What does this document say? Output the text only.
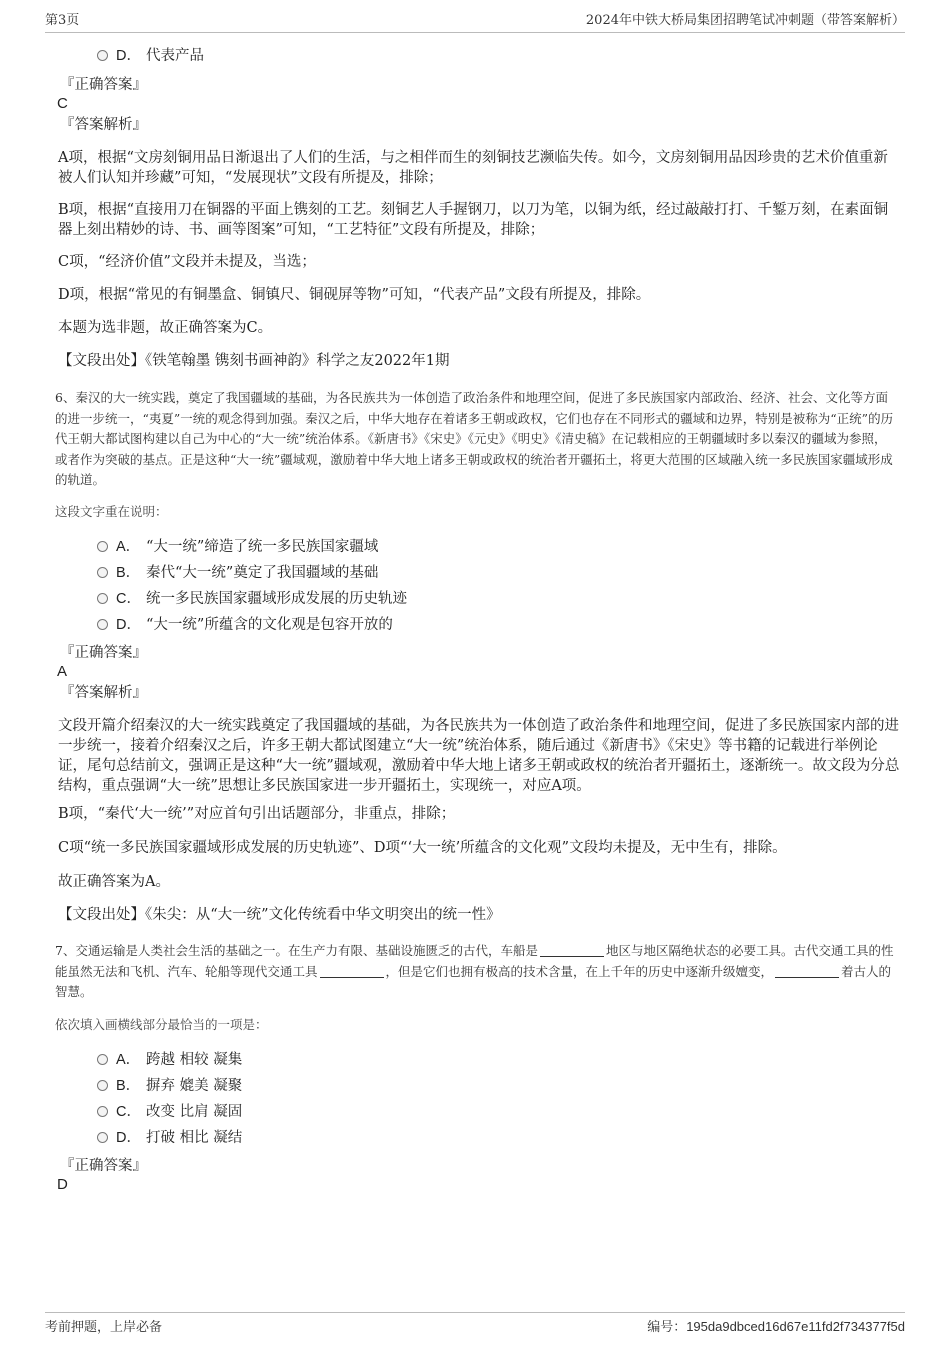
第3页	2024年中铁大桥局集团招聘笔试冲刺题（带答案解析）
D． 代表产品
『正确答案』
C
『答案解析』
A项，根据“文房刻铜用品日渐退出了人们的生活，与之相伴而生的刻铜技艺濒临失传。如今，文房刻铜用品因珍贵的艺术价值重新被人们认知并珍藏”可知，“发展现状”文段有所提及，排除；
B项，根据“直接用刀在铜器的平面上镌刻的工艺。刻铜艺人手握钢刀，以刀为笔，以铜为纸，经过敲敲打打、千錾万刻，在素面铜器上刻出精妙的诗、书、画等图案”可知，“工艺特征”文段有所提及，排除；
C项，“经济价值”文段并未提及，当选；
D项，根据“常见的有铜墨盒、铜镇尺、铜砚屏等物”可知，“代表产品”文段有所提及，排除。
本题为选非题，故正确答案为C。
【文段出处】《铁笔翰墨 镌刻书画神韵》科学之友2022年1期
6、秦汉的大一统实践，奠定了我国疆域的基础，为各民族共为一体创造了政治条件和地理空间，促进了多民族国家内部政治、经济、社会、文化等方面的进一步统一，“夷夏”一统的观念得到加强。秦汉之后，中华大地存在着诸多王朝或政权，它们也存在不同形式的疆域和边界，特别是被称为“正统”的历代王朝大都试图构建以自己为中心的“大一统”统治体系。《新唐书》《宋史》《元史》《明史》《清史稿》在记载相应的王朝疆域时多以秦汉的疆域为参照，或者作为突破的基点。正是这种“大一统”疆域观，激励着中华大地上诸多王朝或政权的统治者开疆拓土，将更大范围的区域融入统一多民族国家疆域形成的轨道。
这段文字重在说明：
A． “大一统”缔造了统一多民族国家疆域
B． 秦代“大一统”奠定了我国疆域的基础
C． 统一多民族国家疆域形成发展的历史轨迹
D． “大一统”所蕴含的文化观是包容开放的
『正确答案』
A
『答案解析』
文段开篇介绍秦汉的大一统实践奠定了我国疆域的基础，为各民族共为一体创造了政治条件和地理空间，促进了多民族国家内部的进一步统一，接着介绍秦汉之后，许多王朝大都试图建立“大一统”统治体系，随后通过《新唐书》《宋史》等书籍的记载进行举例论证，尾句总结前文，强调正是这种“大一统”疆域观，激励着中华大地上诸多王朝或政权的统治者开疆拓土，逐渐统一。故文段为分总结构，重点强调“大一统”思想让多民族国家进一步开疆拓土，实现统一，对应A项。
B项，“秦代‘大一统’”对应首句引出话题部分，非重点，排除；
C项“统一多民族国家疆域形成发展的历史轨迹”、D项“‘大一统’所蕴含的文化观”文段均未提及，无中生有，排除。
故正确答案为A。
【文段出处】《朱尖：从“大一统”文化传统看中华文明突出的统一性》
7、交通运输是人类社会生活的基础之一。在生产力有限、基础设施匮乏的古代，车船是	地区与地区隔绝状态的必要工具。古代交通工具的性能虽然无法和飞机、汽车、轮船等现代交通工具	，但是它们也拥有极高的技术含量，在上千年的历史中逐渐升级嬗变，	着古人的智慧。
依次填入画横线部分最恰当的一项是：
A． 跨越 相较 凝集
B． 摒弃 媲美 凝聚
C． 改变 比肩 凝固
D． 打破 相比 凝结
『正确答案』
D
考前押题，上岸必备	编号：195da9dbced16d67e11fd2f734377f5d
